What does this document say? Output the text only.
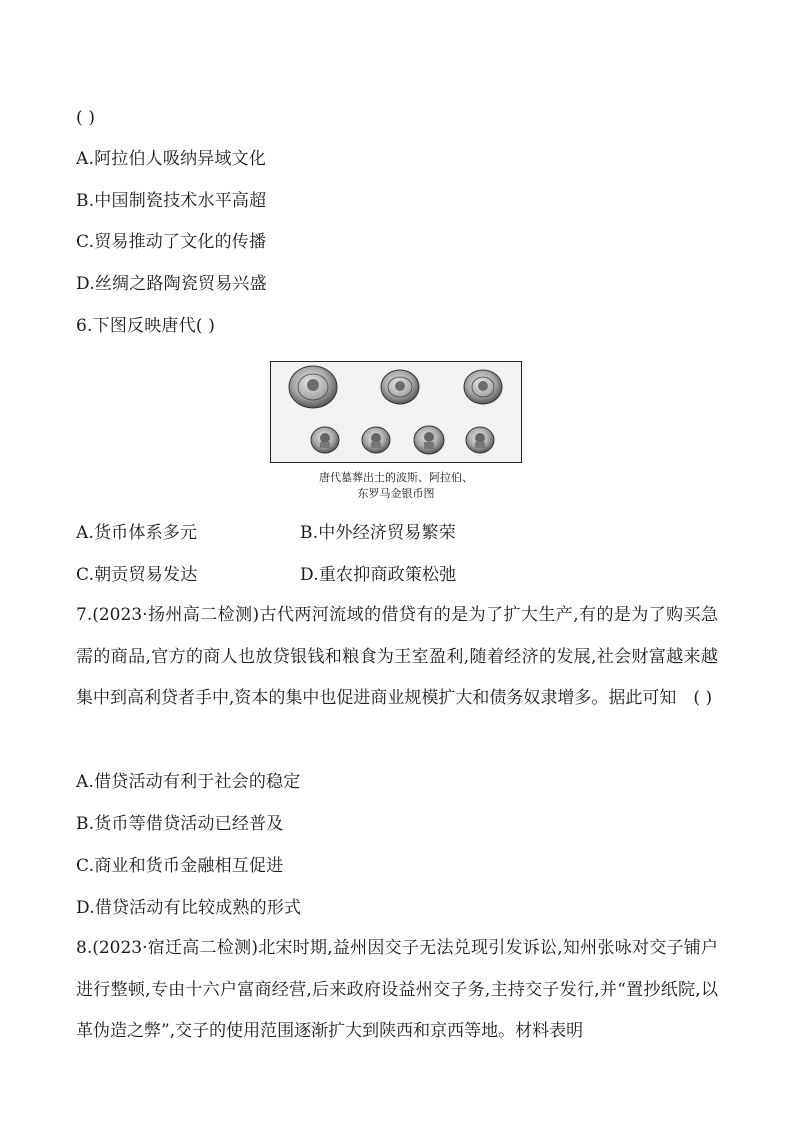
( )
A.阿拉伯人吸纳异域文化
B.中国制瓷技术水平高超
C.贸易推动了文化的传播
D.丝绸之路陶瓷贸易兴盛
6.下图反映唐代( )
唐代墓葬出土的波斯、阿拉伯、
东罗马金银币图
A.货币体系多元	B.中外经济贸易繁荣
C.朝贡贸易发达	D.重农抑商政策松弛
7.(2023·扬州高二检测)古代两河流域的借贷有的是为了扩大生产,有的是为了购买急需的商品,官方的商人也放贷银钱和粮食为王室盈利,随着经济的发展,社会财富越来越集中到高利贷者手中,资本的集中也促进商业规模扩大和债务奴隶增多。据此可知　( )
A.借贷活动有利于社会的稳定
B.货币等借贷活动已经普及
C.商业和货币金融相互促进
D.借贷活动有比较成熟的形式
8.(2023·宿迁高二检测)北宋时期,益州因交子无法兑现引发诉讼,知州张咏对交子铺户进行整顿,专由十六户富商经营,后来政府设益州交子务,主持交子发行,并“置抄纸院,以革伪造之弊”,交子的使用范围逐渐扩大到陕西和京西等地。材料表明
